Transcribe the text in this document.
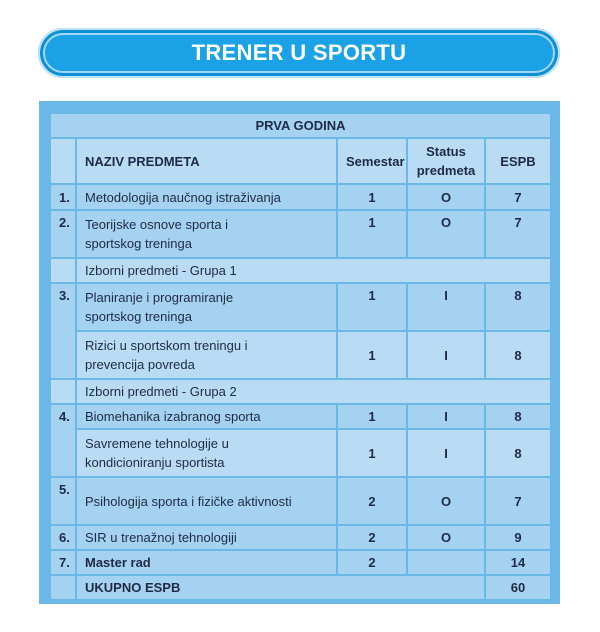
TRENER U SPORTU
PRVA GODINA				
	NAZIV PREDMETA	Semestar	Status
predmeta	ESPB
1.	Metodologija naučnog istraživanja	1	O	7
2.	Teorijske osnove sporta i
sportskog treninga	1	O	7
	Izborni predmeti - Grupa 1			
3.	Planiranje i programiranje
sportskog treninga	1	I	8

	Rizici u sportskom treningu i
prevencija povreda	1	I	8
	Izborni predmeti - Grupa 2			
4.	Biomehanika izabranog sporta	1	I	8

	Savremene tehnologije u
kondicioniranju sportista	1	I	8
5.	Psihologija sporta i fizičke aktivnosti	2	O	7
6.	SIR u trenažnoj tehnologiji	2	O	9
7.	Master rad	2		14
	UKUPNO ESPB			60
